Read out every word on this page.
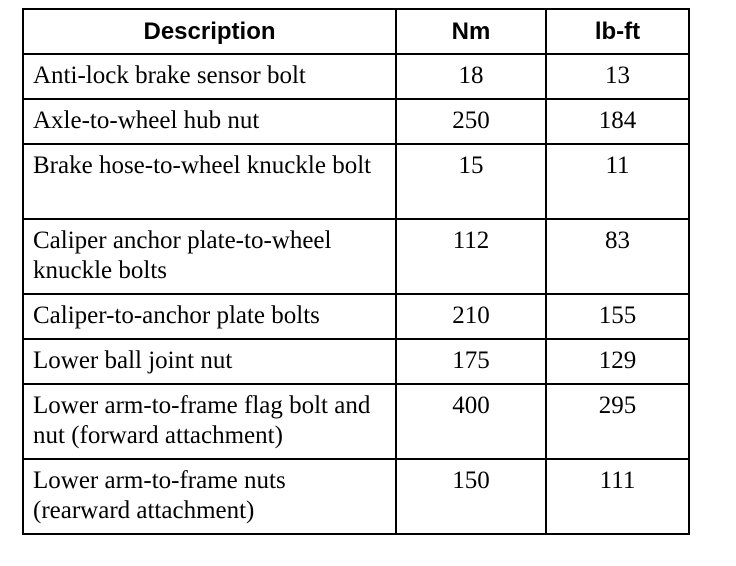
Description	Nm	lb-ft
Anti-lock brake sensor bolt	18	13
Axle-to-wheel hub nut	250	184
Brake hose-to-wheel knuckle bolt	15	11
Caliper anchor plate-to-wheel knuckle bolts	112	83
Caliper-to-anchor plate bolts	210	155
Lower ball joint nut	175	129
Lower arm-to-frame flag bolt and nut (forward attachment)	400	295
Lower arm-to-frame nuts (rearward attachment)	150	111
